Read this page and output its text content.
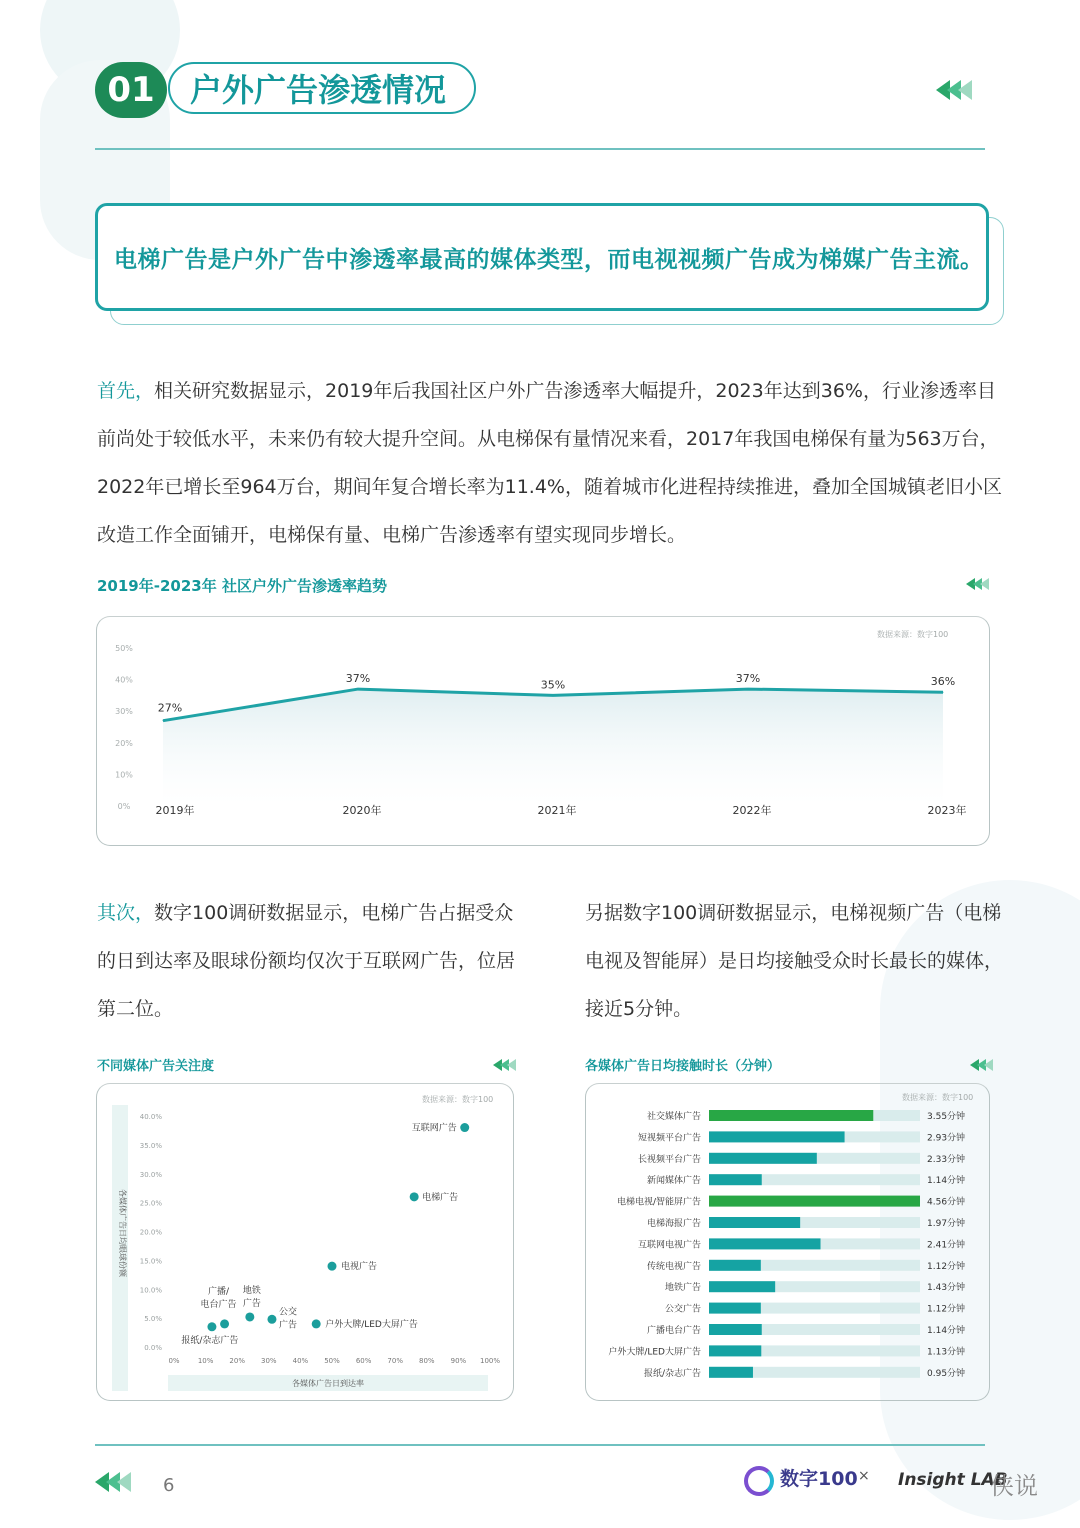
01	户外广告渗透情况
电梯广告是户外广告中渗透率最高的媒体类型，而电视视频广告成为梯媒广告主流。
首先，相关研究数据显示，2019年后我国社区户外广告渗透率大幅提升，2023年达到36%，行业渗透率目前尚处于较低水平，未来仍有较大提升空间。从电梯保有量情况来看，2017年我国电梯保有量为563万台，2022年已增长至964万台，期间年复合增长率为11.4%，随着城市化进程持续推进，叠加全国城镇老旧小区改造工作全面铺开，电梯保有量、电梯广告渗透率有望实现同步增长。
2019年-2023年 社区户外广告渗透率趋势
数据来源：数字100
0%
10%
20%
30%
40%
50%
27%
37%	35%	37%	36%
2019年	2020年	2021年	2022年	2023年
其次，数字100调研数据显示，电梯广告占据受众的日到达率及眼球份额均仅次于互联网广告，位居第二位。
另据数字100调研数据显示，电梯视频广告（电梯电视及智能屏）是日均接触受众时长最长的媒体，接近5分钟。
不同媒体广告关注度
数据来源：数字100
各媒体广告日均眼球份额
各媒体广告日到达率
0.0%
5.0%
10.0%
15.0%
20.0%
25.0%
30.0%
35.0%
40.0%
0%	10% 20% 30% 40% 50% 60% 70% 80% 90% 100%
互联网广告
电梯广告
电视广告
广播/电台广告
报纸/杂志广告
地铁广告
公交广告	户外大牌/LED大屏广告
各媒体广告日均接触时长（分钟）
数据来源：数字100
社交媒体广告	3.55分钟
短视频平台广告	2.93分钟
长视频平台广告	2.33分钟
新闻媒体广告	1.14分钟
电梯电视/智能屏广告	4.56分钟
电梯海报广告	1.97分钟
互联网电视广告	2.41分钟
传统电视广告	1.12分钟
地铁广告	1.43分钟
公交广告	1.12分钟
广播电台广告	1.14分钟
户外大牌/LED大屏广告	1.13分钟
报纸/杂志广告	0.95分钟
6	数字100 × Insight LAB
侠说
